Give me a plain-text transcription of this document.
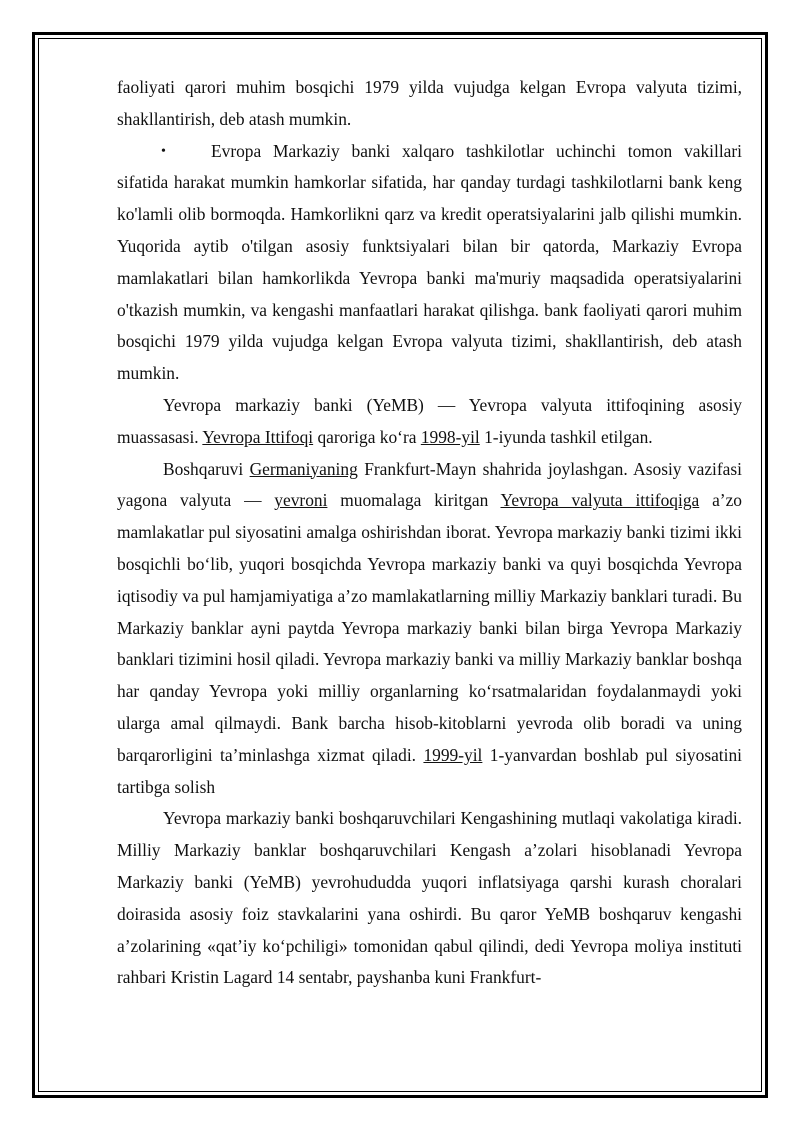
faoliyati qarori muhim bosqichi 1979 yilda vujudga kelgan Evropa valyuta tizimi, shakllantirish, deb atash mumkin.

•	Evropa Markaziy banki xalqaro tashkilotlar uchinchi tomon vakillari sifatida harakat mumkin hamkorlar sifatida, har qanday turdagi tashkilotlarni bank keng ko'lamli olib bormoqda. Hamkorlikni qarz va kredit operatsiyalarini jalb qilishi mumkin. Yuqorida aytib o'tilgan asosiy funktsiyalari bilan bir qatorda, Markaziy Evropa mamlakatlari bilan hamkorlikda Yevropa banki ma'muriy maqsadida operatsiyalarini o'tkazish mumkin, va kengashi manfaatlari harakat qilishga. bank faoliyati qarori muhim bosqichi 1979 yilda vujudga kelgan Evropa valyuta tizimi, shakllantirish, deb atash mumkin.

Yevropa markaziy banki (YeMB) — Yevropa valyuta ittifoqining asosiy muassasasi. Yevropa Ittifoqi qarorigа ko‘ra 1998-yil 1-iyunda tashkil etilgan.

Boshqaruvi Germaniyaning Frankfurt-Mayn shahrida joylashgan. Asosiy vazifasi yagona valyuta — yevroni muomalaga kiritgan Yevropa valyuta ittifoqiga a’zo mamlakatlar pul siyosatini amalga oshirishdan iborat. Yevropa markaziy banki tizimi ikki bosqichli bo‘lib, yuqori bosqichda Yevropa markaziy banki va quyi bosqichda Yevropa iqtisodiy va pul hamjamiyatiga a’zo mamlakatlarning milliy Markaziy banklari turadi. Bu Markaziy banklar ayni paytda Yevropa markaziy banki bilan birga Yevropa Markaziy banklari tizimini hosil qiladi. Yevropa markaziy banki va milliy Markaziy banklar boshqa har qanday Yevropa yoki milliy organlarning ko‘rsatmalaridan foydalanmaydi yoki ularga amal qilmaydi. Bank barcha hisob-kitoblarni yevroda olib boradi va uning barqarorligini ta’minlashga xizmat qiladi. 1999-yil 1-yanvardan boshlab pul siyosatini tartibga solish

Yevropa markaziy banki boshqaruvchilari Kengashining mutlaqi vakolatiga kiradi. Milliy Markaziy banklar boshqaruvchilari Kengash a’zolari hisoblanadi Yevropa Markaziy banki (YeMB) yevrohududda yuqori inflatsiyaga qarshi kurash choralari doirasida asosiy foiz stavkalarini yana oshirdi. Bu qaror YeMB boshqaruv kengashi a’zolarining «qat’iy ko‘pchiligi» tomonidan qabul qilindi, dedi Yevropa moliya instituti rahbari Kristin Lagard 14 sentabr, payshanba kuni Frankfurt-
